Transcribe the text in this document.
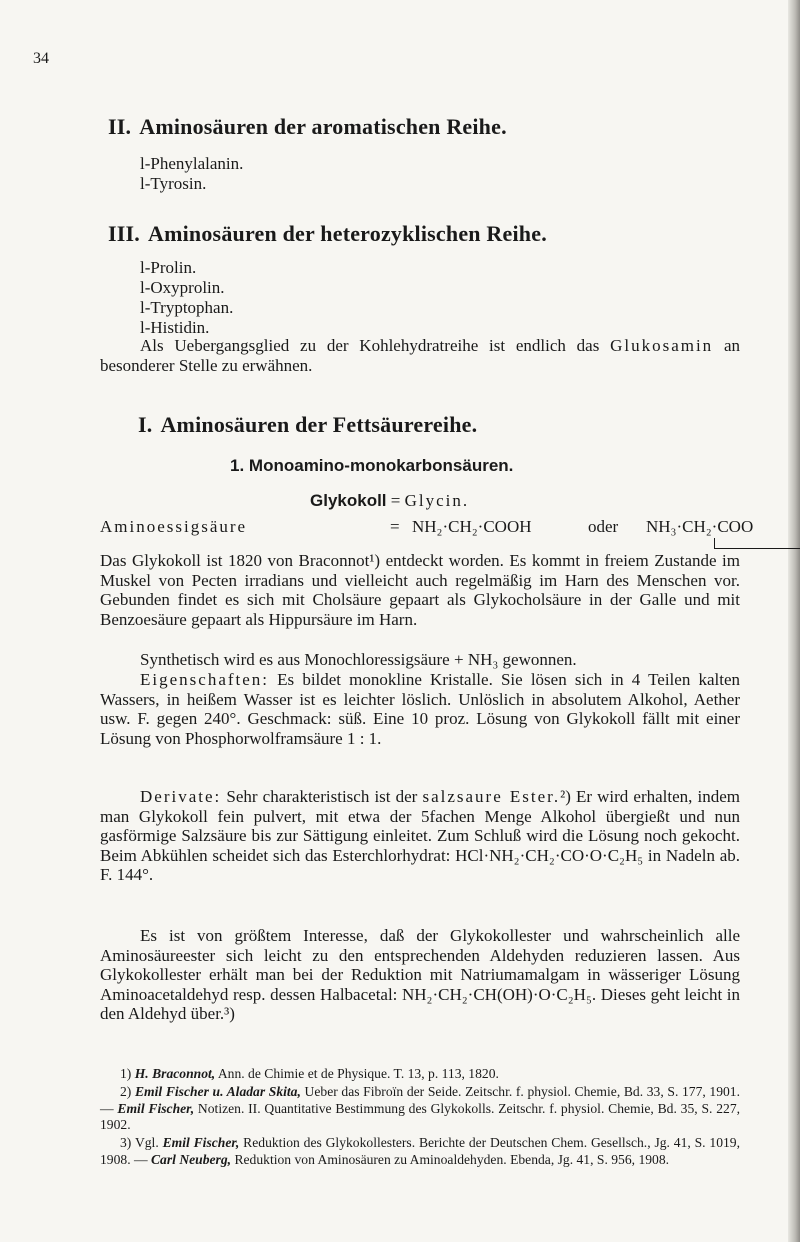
34
II. Aminosäuren der aromatischen Reihe.
l-Phenylalanin.
l-Tyrosin.
III. Aminosäuren der heterozyklischen Reihe.
l-Prolin.
l-Oxyprolin.
l-Tryptophan.
l-Histidin.
Als Uebergangsglied zu der Kohlehydratreihe ist endlich das Glukosamin an besonderer Stelle zu erwähnen.
I. Aminosäuren der Fettsäurereihe.
1. Monoamino-monokarbonsäuren.
Glykokoll = Glycin.
Aminoessigsäure	= NH₂·CH₂·COOH	oder NH₃·CH₂·COO
Das Glykokoll ist 1820 von Braconnot¹) entdeckt worden. Es kommt in freiem Zustande im Muskel von Pecten irradians und vielleicht auch regelmäßig im Harn des Menschen vor. Gebunden findet es sich mit Cholsäure gepaart als Glykocholsäure in der Galle und mit Benzoesäure gepaart als Hippursäure im Harn.
Synthetisch wird es aus Monochloressigsäure + NH₃ gewonnen.
Eigenschaften: Es bildet monokline Kristalle. Sie lösen sich in 4 Teilen kalten Wassers, in heißem Wasser ist es leichter löslich. Unlöslich in absolutem Alkohol, Aether usw. F. gegen 240°. Geschmack: süß. Eine 10 proz. Lösung von Glykokoll fällt mit einer Lösung von Phosphorwolframsäure 1 : 1.
Derivate: Sehr charakteristisch ist der salzsaure Ester.²) Er wird erhalten, indem man Glykokoll fein pulvert, mit etwa der 5fachen Menge Alkohol übergießt und nun gasförmige Salzsäure bis zur Sättigung einleitet. Zum Schluß wird die Lösung noch gekocht. Beim Abkühlen scheidet sich das Esterchlorhydrat: HCl·NH₂·CH₂·CO·O·C₂H₅ in Nadeln ab. F. 144°.
Es ist von größtem Interesse, daß der Glykokollester und wahrscheinlich alle Aminosäureester sich leicht zu den entsprechenden Aldehyden reduzieren lassen. Aus Glykokollester erhält man bei der Reduktion mit Natriumamalgam in wässeriger Lösung Aminoacetaldehyd resp. dessen Halbacetal: NH₂·CH₂·CH(OH)·O·C₂H₅. Dieses geht leicht in den Aldehyd über.³)
1) H. Braconnot, Ann. de Chimie et de Physique. T. 13, p. 113, 1820.
2) Emil Fischer u. Aladar Skita, Ueber das Fibroïn der Seide. Zeitschr. f. physiol. Chemie, Bd. 33, S. 177, 1901. — Emil Fischer, Notizen. II. Quantitative Bestimmung des Glykokolls. Zeitschr. f. physiol. Chemie, Bd. 35, S. 227, 1902.
3) Vgl. Emil Fischer, Reduktion des Glykokollesters. Berichte der Deutschen Chem. Gesellsch., Jg. 41, S. 1019, 1908. — Carl Neuberg, Reduktion von Aminosäuren zu Aminoaldehyden. Ebenda, Jg. 41, S. 956, 1908.
